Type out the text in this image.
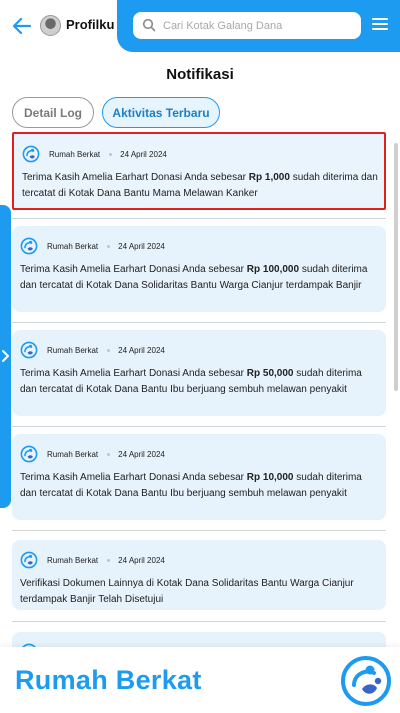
Profilku
Cari Kotak Galang Dana
Notifikasi
Detail Log	Aktivitas Terbaru
Rumah Berkat	24 April 2024
Terima Kasih Amelia Earhart Donasi Anda sebesar Rp 1,000 sudah diterima dan tercatat di Kotak Dana Bantu Mama Melawan Kanker
Rumah Berkat	24 April 2024
Terima Kasih Amelia Earhart Donasi Anda sebesar Rp 100,000 sudah diterima dan tercatat di Kotak Dana Solidaritas Bantu Warga Cianjur terdampak Banjir
Rumah Berkat	24 April 2024
Terima Kasih Amelia Earhart Donasi Anda sebesar Rp 50,000 sudah diterima dan tercatat di Kotak Dana Bantu Ibu berjuang sembuh melawan penyakit
Rumah Berkat	24 April 2024
Terima Kasih Amelia Earhart Donasi Anda sebesar Rp 10,000 sudah diterima dan tercatat di Kotak Dana Bantu Ibu berjuang sembuh melawan penyakit
Rumah Berkat	24 April 2024
Verifikasi Dokumen Lainnya di Kotak Dana Solidaritas Bantu Warga Cianjur terdampak Banjir Telah Disetujui
Rumah Berkat
